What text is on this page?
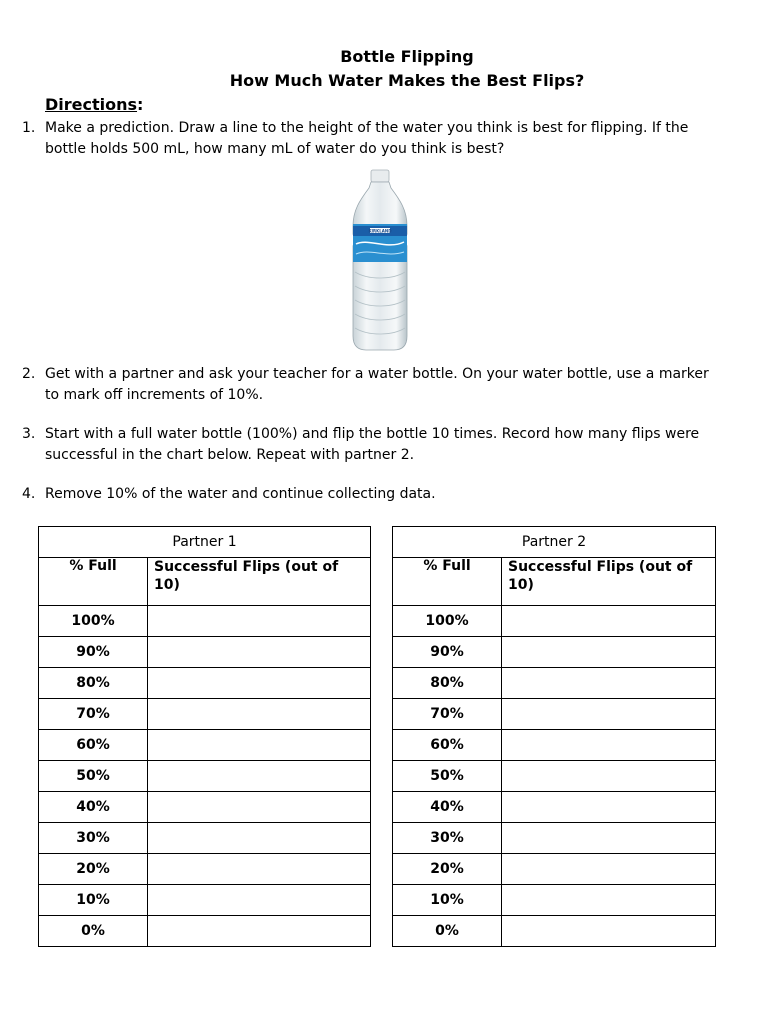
Bottle Flipping
How Much Water Makes the Best Flips?
Directions:
1. Make a prediction. Draw a line to the height of the water you think is best for flipping. If the bottle holds 500 mL, how many mL of water do you think is best?
KIRKLAND
2. Get with a partner and ask your teacher for a water bottle. On your water bottle, use a marker to mark off increments of 10%.
3. Start with a full water bottle (100%) and flip the bottle 10 times. Record how many flips were successful in the chart below. Repeat with partner 2.
4. Remove 10% of the water and continue collecting data.
Partner 1	
% Full	Successful Flips (out of 10)
100%	
90%	
80%	
70%	
60%	
50%	
40%	
30%	
20%	
10%	
0%	
Partner 2	
% Full	Successful Flips (out of 10)
100%	
90%	
80%	
70%	
60%	
50%	
40%	
30%	
20%	
10%	
0%	
